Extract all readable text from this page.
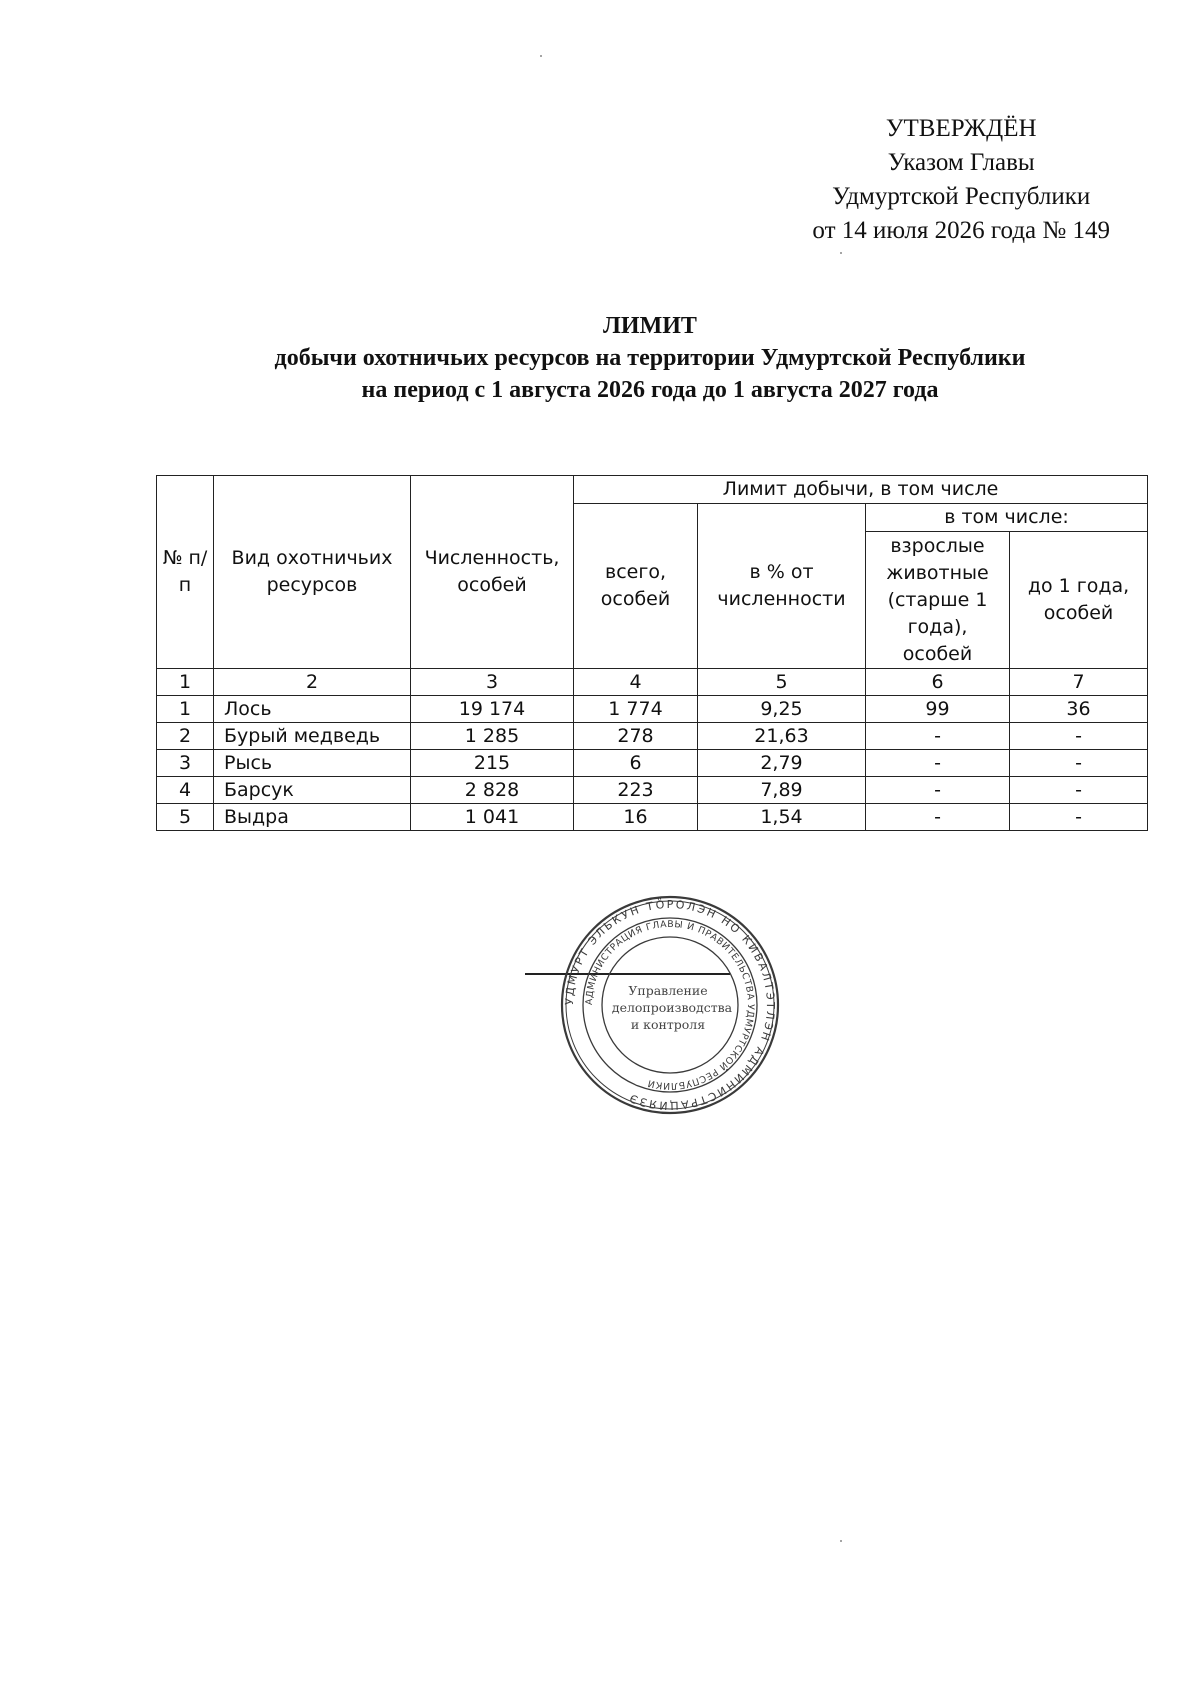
УТВЕРЖДЁН
Указом Главы
Удмуртской Республики
от 14 июля 2026 года № 149
ЛИМИТ
добычи охотничьих ресурсов на территории Удмуртской Республики
на период с 1 августа 2026 года до 1 августа 2027 года
№ п/п	Вид охотничьих ресурсов	Численность, особей	Лимит добычи, в том числе			
			всего, особей	в % от численности	в том числе:	
					взрослые животные (старше 1 года), особей	до 1 года, особей
1	2	3	4	5	6	7
1	Лось	19 174	1 774	9,25	99	36
2	Бурый медведь	1 285	278	21,63	-	-
3	Рысь	215	6	2,79	-	-
4	Барсук	2 828	223	7,89	-	-
5	Выдра	1 041	16	1,54	-	-
УДМУРТ ЭЛЬКУН ТӦРОЛЭН НО КИВАЛТЭТЛЭН АДМИНИСТРАЦИЯЗЭ
АДМИНИСТРАЦИЯ ГЛАВЫ И ПРАВИТЕЛЬСТВА УДМУРТСКОЙ РЕСПУБЛИКИ
Управление
делопроизводства
и контроля
